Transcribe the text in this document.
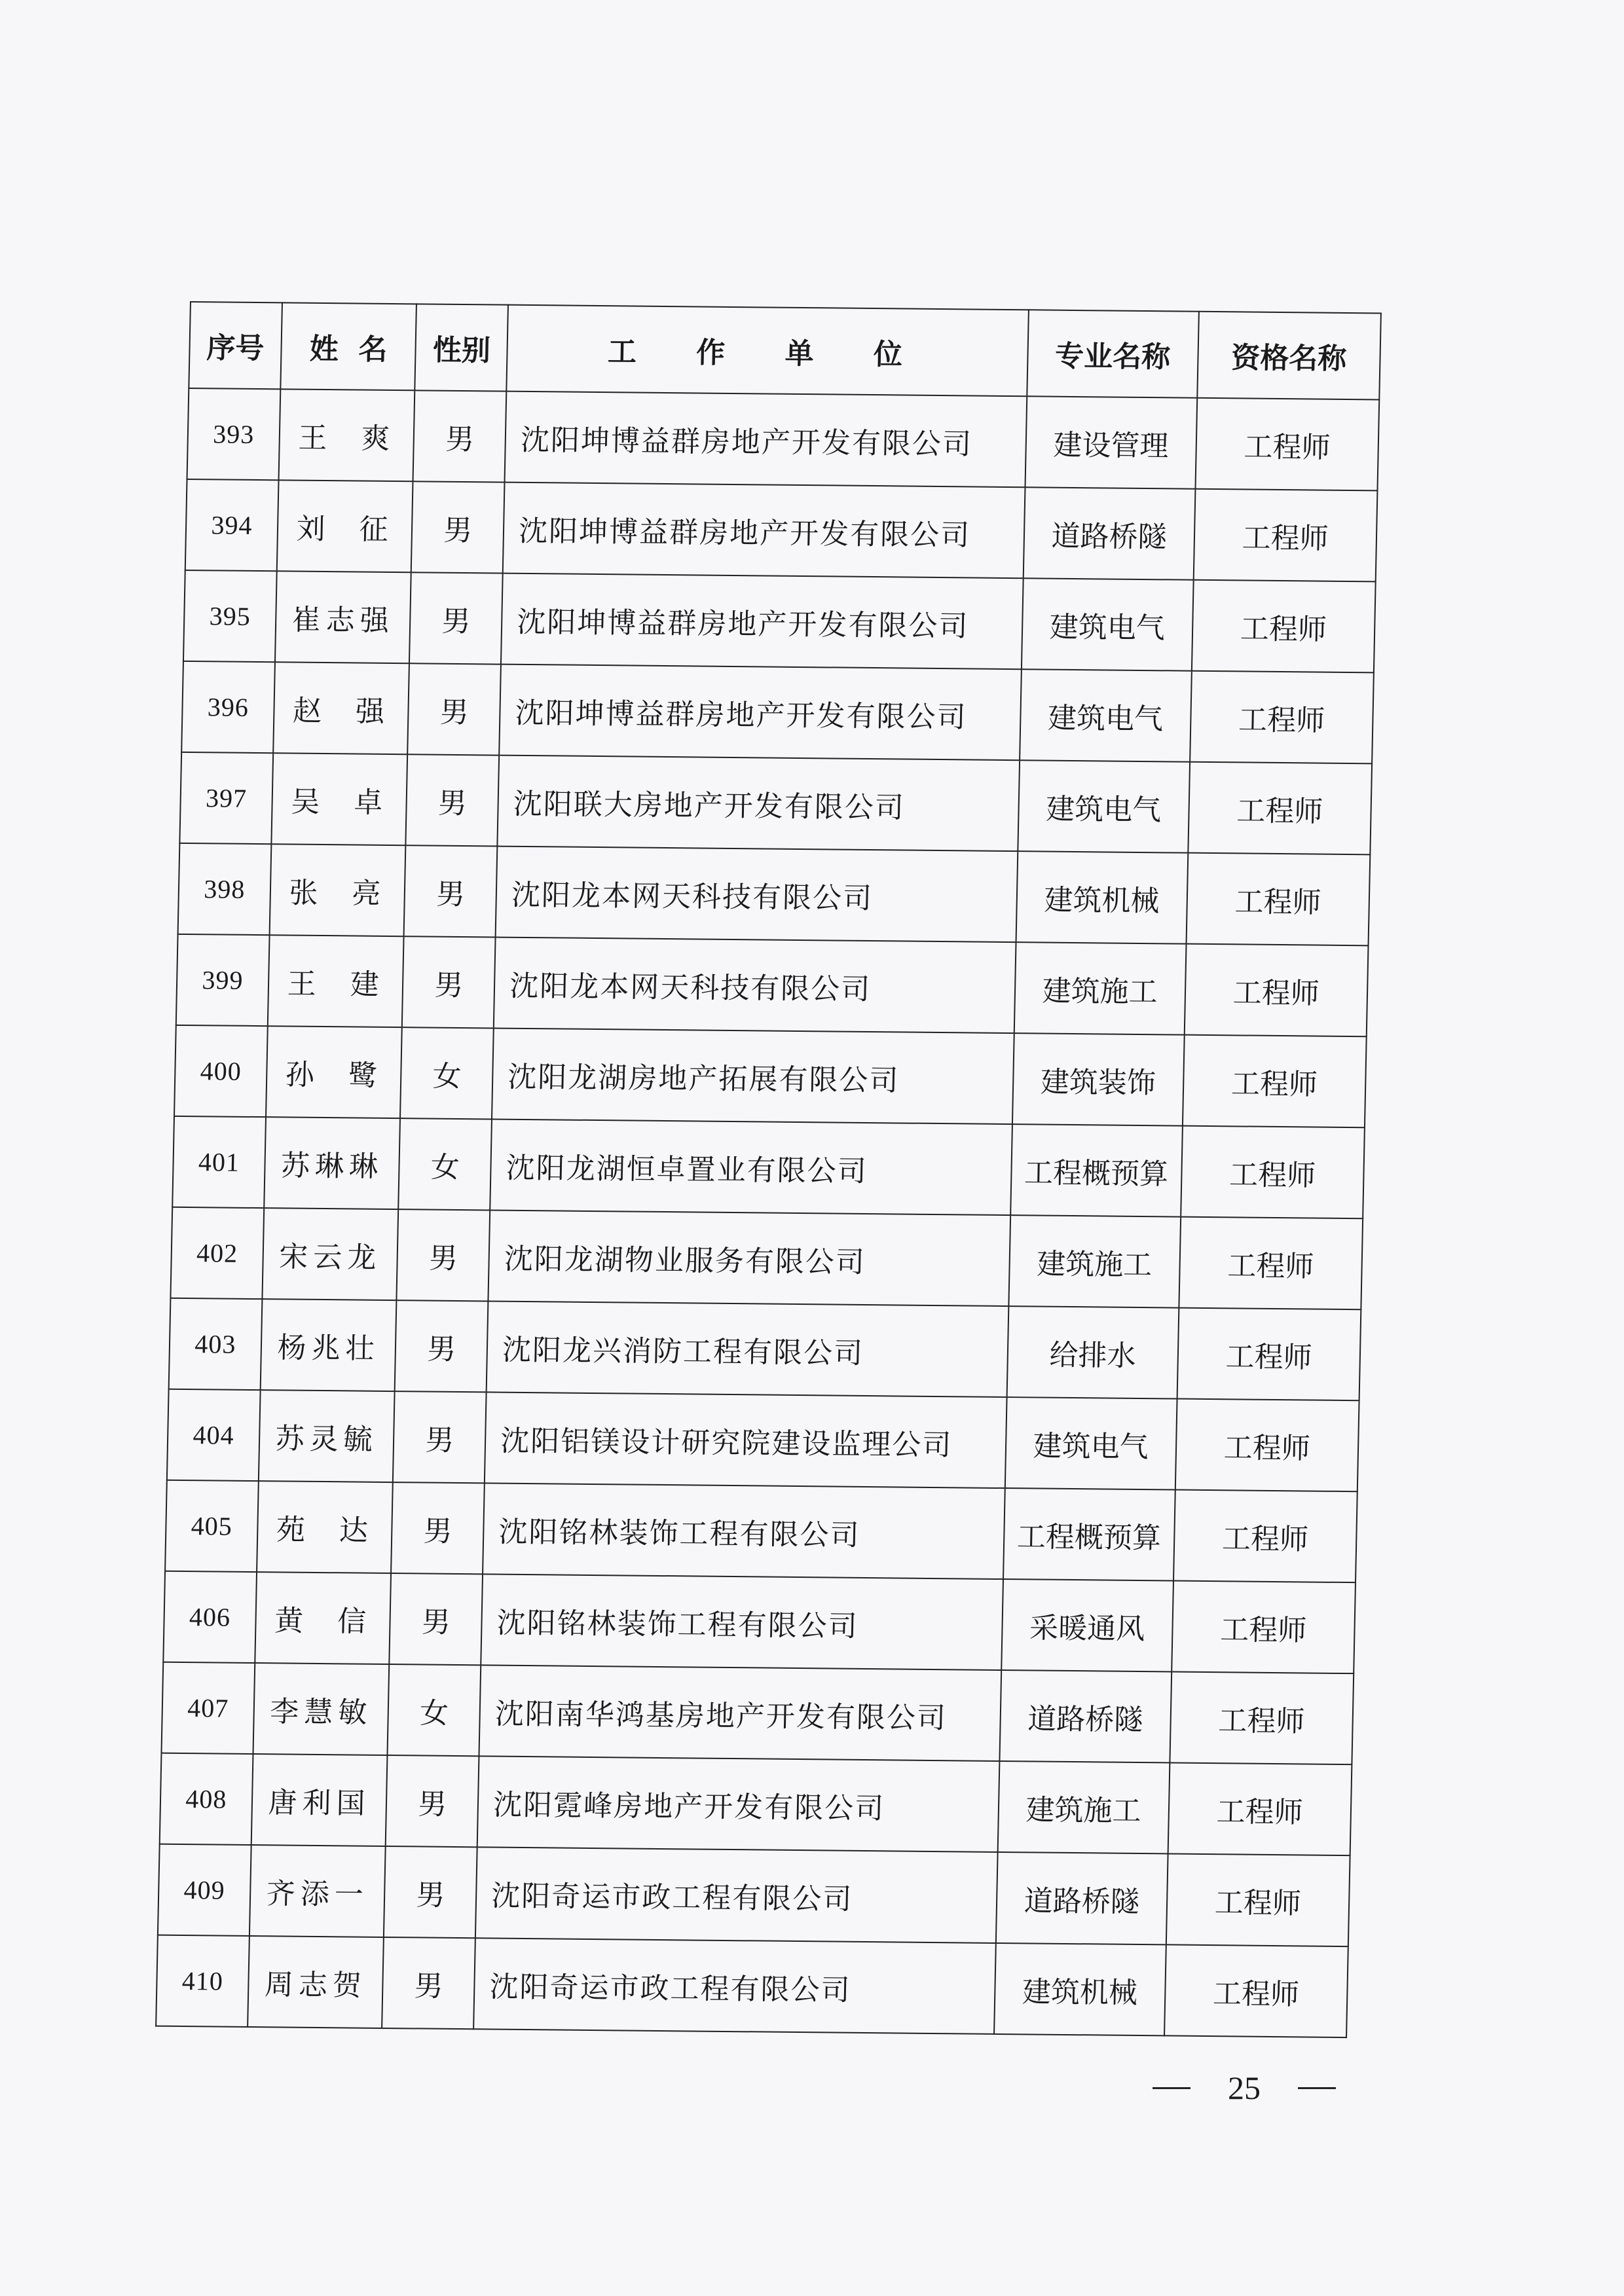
序号	姓  名	性别	工 作 单 位	专业名称	资格名称
393	王  爽	男	沈阳坤博益群房地产开发有限公司	建设管理	工程师
394	刘  征	男	沈阳坤博益群房地产开发有限公司	道路桥隧	工程师
395	崔志强	男	沈阳坤博益群房地产开发有限公司	建筑电气	工程师
396	赵  强	男	沈阳坤博益群房地产开发有限公司	建筑电气	工程师
397	吴  卓	男	沈阳联大房地产开发有限公司	建筑电气	工程师
398	张  亮	男	沈阳龙本网天科技有限公司	建筑机械	工程师
399	王  建	男	沈阳龙本网天科技有限公司	建筑施工	工程师
400	孙  鹭	女	沈阳龙湖房地产拓展有限公司	建筑装饰	工程师
401	苏琳琳	女	沈阳龙湖恒卓置业有限公司	工程概预算	工程师
402	宋云龙	男	沈阳龙湖物业服务有限公司	建筑施工	工程师
403	杨兆壮	男	沈阳龙兴消防工程有限公司	给排水	工程师
404	苏灵毓	男	沈阳铝镁设计研究院建设监理公司	建筑电气	工程师
405	苑  达	男	沈阳铭林装饰工程有限公司	工程概预算	工程师
406	黄  信	男	沈阳铭林装饰工程有限公司	采暖通风	工程师
407	李慧敏	女	沈阳南华鸿基房地产开发有限公司	道路桥隧	工程师
408	唐利国	男	沈阳霓峰房地产开发有限公司	建筑施工	工程师
409	齐添一	男	沈阳奇运市政工程有限公司	道路桥隧	工程师
410	周志贺	男	沈阳奇运市政工程有限公司	建筑机械	工程师
25
